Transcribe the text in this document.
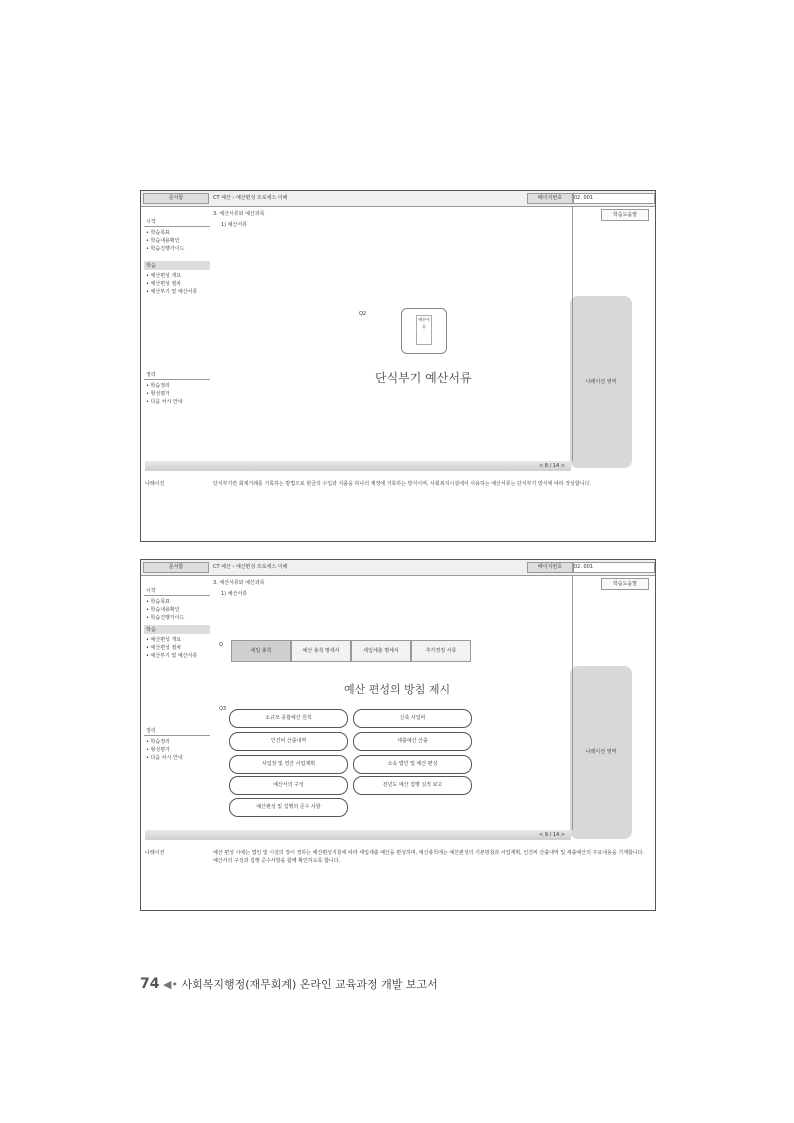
문서함	CT 예산 › 예산편성 프로세스 이해	페이지번호	02. 001
시작
• 학습목표
• 학습내용확인
• 학습진행가이드
학습
• 예산편성 개요
• 예산편성 절차
• 예산부기 및 예산서류
정리
• 학습정리
• 형성평가
• 다음 차시 안내
3. 예산서류와 예산과목
1) 예산서류
Q2
예산서류
단식부기 예산서류	나레이션 영역
학습도움말
< 8 / 14 >
나레이션	단식부기란 회계거래를 기록하는 방법으로 현금의 수입과 지출을 하나의 계정에 기록하는 방식이며, 사회복지시설에서 사용하는 예산서류는 단식부기 방식에 따라 작성합니다.
문서함	CT 예산 › 예산편성 프로세스 이해	페이지번호	02. 001
시작
• 학습목표
• 학습내용확인
• 학습진행가이드
학습
• 예산편성 개요
• 예산편성 절차
• 예산부기 및 예산서류
정리
• 학습정리
• 형성평가
• 다음 차시 안내
3. 예산서류와 예산과목
1) 예산서류
Q
세입 총칙	예산 총칙 명세서	세입세출 명세서	추가경정 서류
예산 편성의 방침 제시
Q3
소규모 종합예산 원칙	신축 사업비
인건비 산출내역	세출예산 산출
사업장 및 연간 사업계획	소속 법인 및 예산 편성
예산서의 구성	전년도 예산 집행 실적 보고
예산편성 및 집행의 준수 사항
나레이션 영역
학습도움말
< 9 / 14 >
나레이션	예산 편성 시에는 법인 및 시설의 장이 정하는 예산편성지침에 따라 세입세출 예산을 편성하며, 예산총칙에는 예산편성의 기본방침과 사업계획, 인건비 산출내역 및 세출예산의 주요내용을 기재합니다. 예산서의 구성과 집행 준수사항을 함께 확인하도록 합니다.
74 ◀• 사회복지행정(재무회계) 온라인 교육과정 개발 보고서
